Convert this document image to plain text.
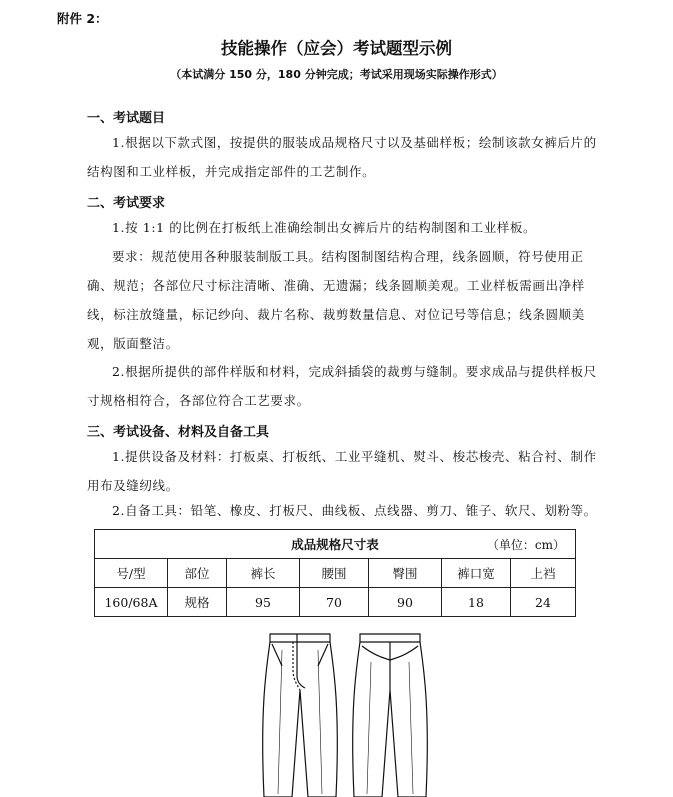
附件 2：
技能操作（应会）考试题型示例
（本试满分 150 分，180 分钟完成；考试采用现场实际操作形式）
一、考试题目
1.根据以下款式图，按提供的服装成品规格尺寸以及基础样板；绘制该款女裤后片的结构图和工业样板，并完成指定部件的工艺制作。
二、考试要求
1.按 1:1 的比例在打板纸上准确绘制出女裤后片的结构制图和工业样板。
要求：规范使用各种服装制版工具。结构图制图结构合理，线条圆顺，符号使用正确、规范；各部位尺寸标注清晰、准确、无遗漏；线条圆顺美观。工业样板需画出净样线，标注放缝量，标记纱向、裁片名称、裁剪数量信息、对位记号等信息；线条圆顺美观，版面整洁。
2.根据所提供的部件样版和材料，完成斜插袋的裁剪与缝制。要求成品与提供样板尺寸规格相符合，各部位符合工艺要求。
三、考试设备、材料及自备工具
1.提供设备及材料：打板桌、打板纸、工业平缝机、熨斗、梭芯梭壳、粘合衬、制作用布及缝纫线。
2.自备工具：铅笔、橡皮、打板尺、曲线板、点线器、剪刀、锥子、软尺、划粉等。
成品规格尺寸表 （单位：cm）						

号/型	部位	裤长	腰围	臀围	裤口宽	上裆
160/68A	规格	95	70	90	18	24
